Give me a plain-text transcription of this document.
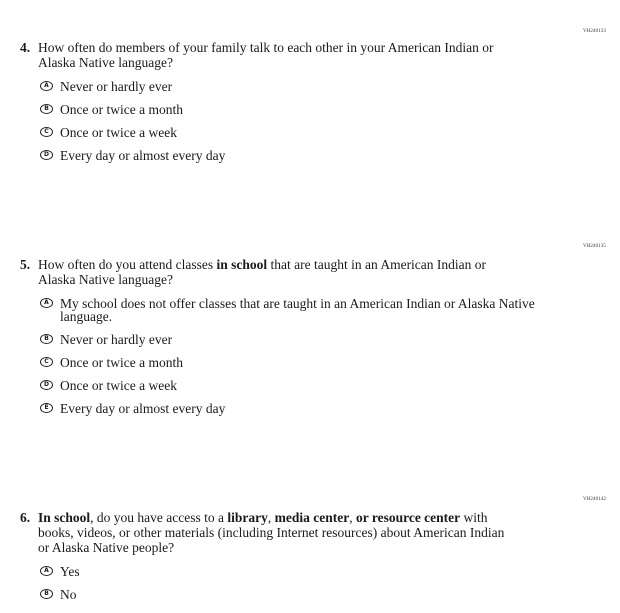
VH240133
4. How often do members of your family talk to each other in your American Indian or Alaska Native language?
A Never or hardly ever
B Once or twice a month
C Once or twice a week
D Every day or almost every day
VH240135
5. How often do you attend classes in school that are taught in an American Indian or Alaska Native language?
A My school does not offer classes that are taught in an American Indian or Alaska Native language.
B Never or hardly ever
C Once or twice a month
D Once or twice a week
E Every day or almost every day
VH240142
6. In school, do you have access to a library, media center, or resource center with books, videos, or other materials (including Internet resources) about American Indian or Alaska Native people?
A Yes
B No
